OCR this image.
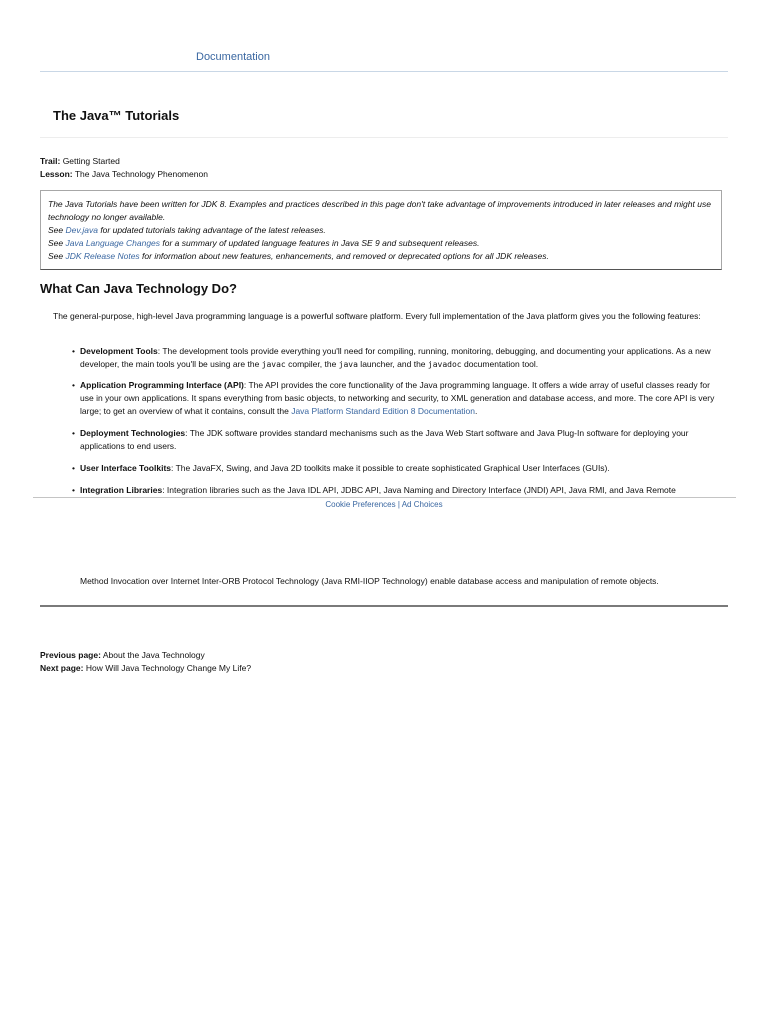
Documentation
The Java™ Tutorials
Trail: Getting Started
Lesson: The Java Technology Phenomenon
The Java Tutorials have been written for JDK 8. Examples and practices described in this page don't take advantage of improvements introduced in later releases and might use technology no longer available.
See Dev.java for updated tutorials taking advantage of the latest releases.
See Java Language Changes for a summary of updated language features in Java SE 9 and subsequent releases.
See JDK Release Notes for information about new features, enhancements, and removed or deprecated options for all JDK releases.
What Can Java Technology Do?
The general-purpose, high-level Java programming language is a powerful software platform. Every full implementation of the Java platform gives you the following features:
• Development Tools: The development tools provide everything you'll need for compiling, running, monitoring, debugging, and documenting your applications. As a new developer, the main tools you'll be using are the javac compiler, the java launcher, and the javadoc documentation tool.
• Application Programming Interface (API): The API provides the core functionality of the Java programming language. It offers a wide array of useful classes ready for use in your own applications. It spans everything from basic objects, to networking and security, to XML generation and database access, and more. The core API is very large; to get an overview of what it contains, consult the Java Platform Standard Edition 8 Documentation.
• Deployment Technologies: The JDK software provides standard mechanisms such as the Java Web Start software and Java Plug-In software for deploying your applications to end users.
• User Interface Toolkits: The JavaFX, Swing, and Java 2D toolkits make it possible to create sophisticated Graphical User Interfaces (GUIs).
• Integration Libraries: Integration libraries such as the Java IDL API, JDBC API, Java Naming and Directory Interface (JNDI) API, Java RMI, and Java Remote
Cookie Preferences | Ad Choices
Method Invocation over Internet Inter-ORB Protocol Technology (Java RMI-IIOP Technology) enable database access and manipulation of remote objects.
Previous page: About the Java Technology
Next page: How Will Java Technology Change My Life?
